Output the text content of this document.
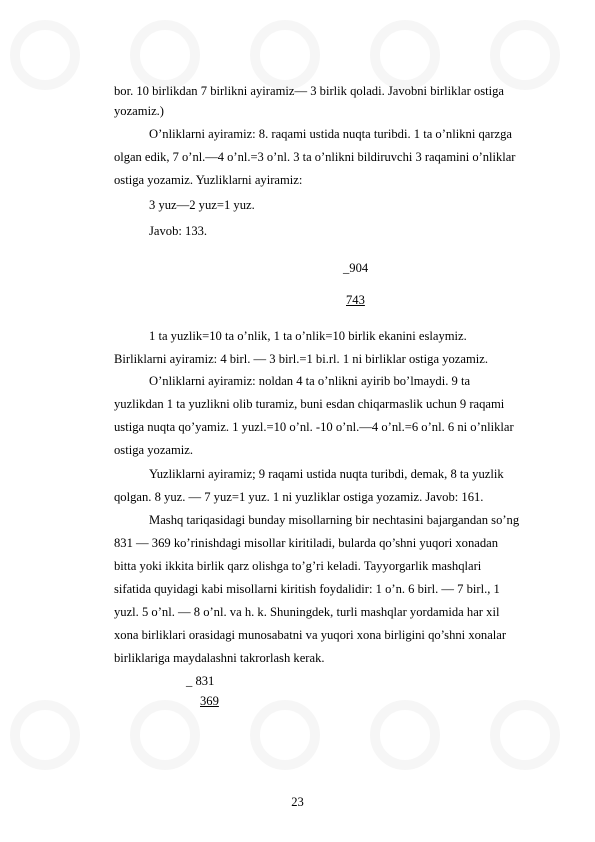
bor. 10 birlikdan 7 birlikni ayiramiz— 3 birlik qoladi. Javobni birliklar ostiga
yozamiz.)
O’nliklarni ayiramiz: 8. raqami ustida nuqta turibdi. 1 ta o’nlikni qarzga
olgan edik, 7 o’nl.—4 o’nl.=3 o’nl. 3 ta o’nlikni bildiruvchi 3 raqamini o’nliklar
ostiga yozamiz. Yuzliklarni ayiramiz:
3 yuz—2 yuz=1 yuz.
Javob: 133.
_904
743
1 ta yuzlik=10 ta o’nlik, 1 ta o’nlik=10 birlik ekanini eslaymiz.
Birliklarni ayiramiz: 4 birl. — 3 birl.=1 bi.rl. 1 ni birliklar ostiga yozamiz.
O’nliklarni ayiramiz: noldan 4 ta o’nlikni ayirib bo’lmaydi. 9 ta
yuzlikdan 1 ta yuzlikni olib turamiz, buni esdan chiqarmaslik uchun 9 raqami
ustiga nuqta qo’yamiz. 1 yuzl.=10 o’nl. -10 o’nl.—4 o’nl.=6 o’nl. 6 ni o’nliklar
ostiga yozamiz.
Yuzliklarni ayiramiz; 9 raqami ustida nuqta turibdi, demak, 8 ta yuzlik
qolgan. 8 yuz. — 7 yuz=1 yuz. 1 ni yuzliklar ostiga yozamiz. Javob: 161.
Mashq tariqasidagi bunday misollarning bir nechtasini bajargandan so’ng
831 — 369 ko’rinishdagi misollar kiritiladi, bularda qo’shni yuqori xonadan
bitta yoki ikkita birlik qarz olishga to’g’ri keladi. Tayyorgarlik mashqlari
sifatida quyidagi kabi misollarni kiritish foydalidir: 1 o’n. 6 birl. — 7 birl., 1
yuzl. 5 o’nl. — 8 o’nl. va h. k. Shuningdek, turli mashqlar yordamida har xil
xona birliklari orasidagi munosabatni va yuqori xona birligini qo’shni xonalar
birliklariga maydalashni takrorlash kerak.
_ 831
369
23
